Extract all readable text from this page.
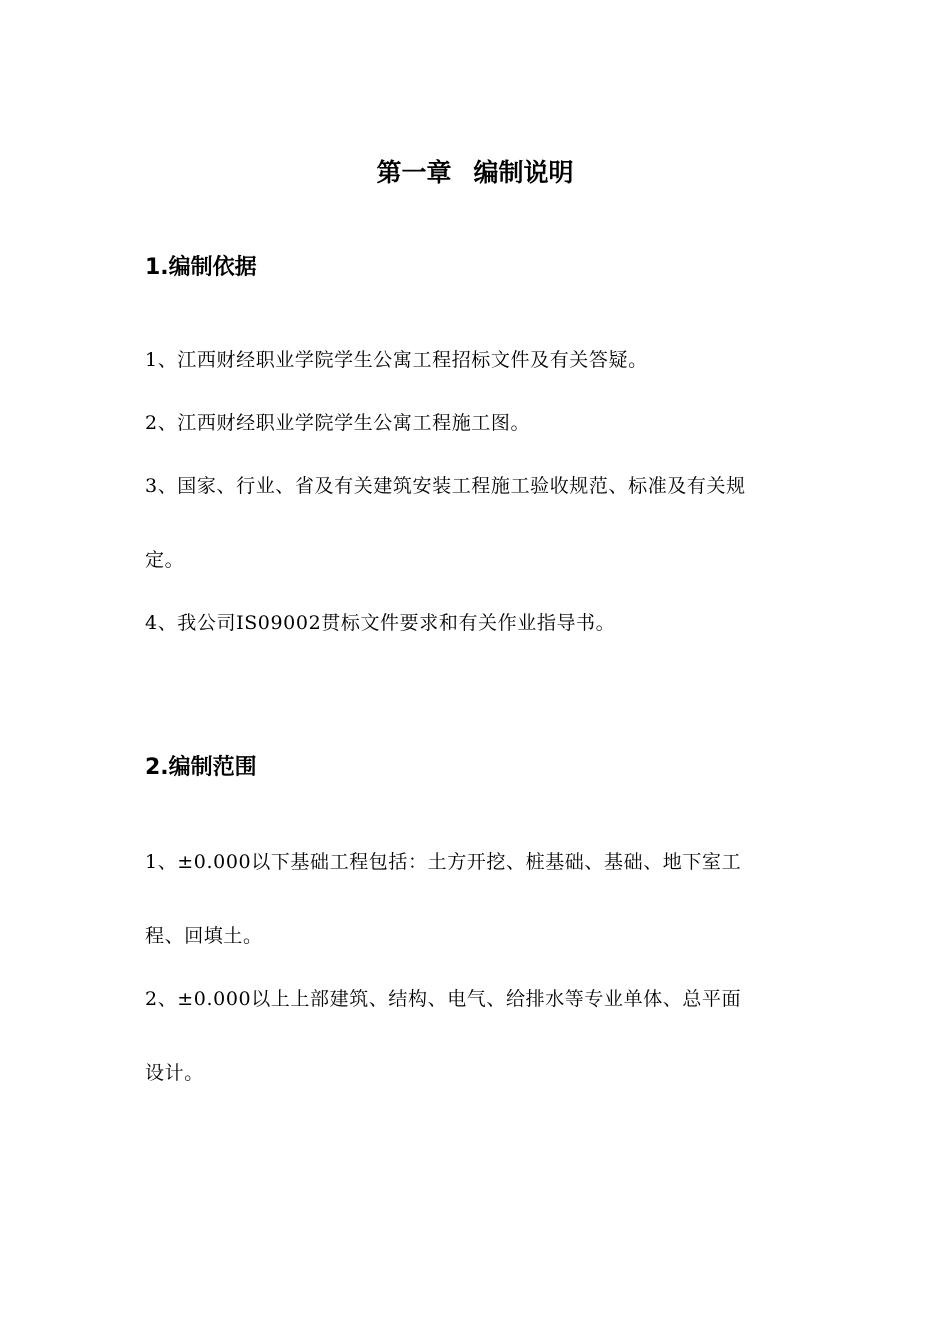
第一章 编制说明
1.编制依据
1、江西财经职业学院学生公寓工程招标文件及有关答疑。
2、江西财经职业学院学生公寓工程施工图。
3、国家、行业、省及有关建筑安装工程施工验收规范、标准及有关规
定。
4、我公司IS09002贯标文件要求和有关作业指导书。
2.编制范围
1、±0.000以下基础工程包括：土方开挖、桩基础、基础、地下室工
程、回填土。
2、±0.000以上上部建筑、结构、电气、给排水等专业单体、总平面
设计。
